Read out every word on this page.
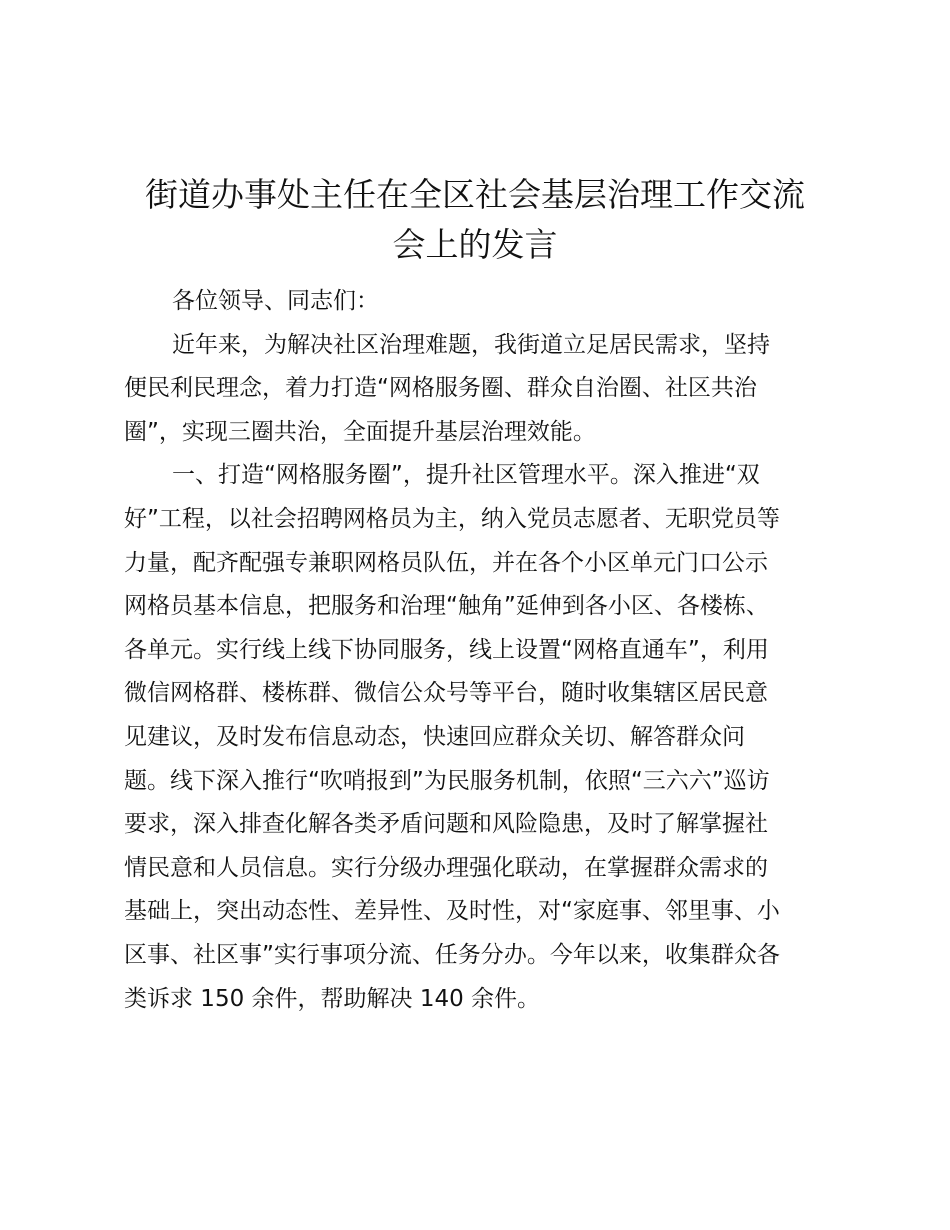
街道办事处主任在全区社会基层治理工作交流
会上的发言

各位领导、同志们：

近年来，为解决社区治理难题，我街道立足居民需求，坚持
便民利民理念，着力打造“网格服务圈、群众自治圈、社区共治
圈”，实现三圈共治，全面提升基层治理效能。

一、打造“网格服务圈”，提升社区管理水平。深入推进“双
好”工程，以社会招聘网格员为主，纳入党员志愿者、无职党员等
力量，配齐配强专兼职网格员队伍，并在各个小区单元门口公示
网格员基本信息，把服务和治理“触角”延伸到各小区、各楼栋、
各单元。实行线上线下协同服务，线上设置“网格直通车”，利用
微信网格群、楼栋群、微信公众号等平台，随时收集辖区居民意
见建议，及时发布信息动态，快速回应群众关切、解答群众问
题。线下深入推行“吹哨报到”为民服务机制，依照“三六六”巡访
要求，深入排查化解各类矛盾问题和风险隐患，及时了解掌握社
情民意和人员信息。实行分级办理强化联动，在掌握群众需求的
基础上，突出动态性、差异性、及时性，对“家庭事、邻里事、小
区事、社区事”实行事项分流、任务分办。今年以来，收集群众各
类诉求 150 余件，帮助解决 140 余件。
